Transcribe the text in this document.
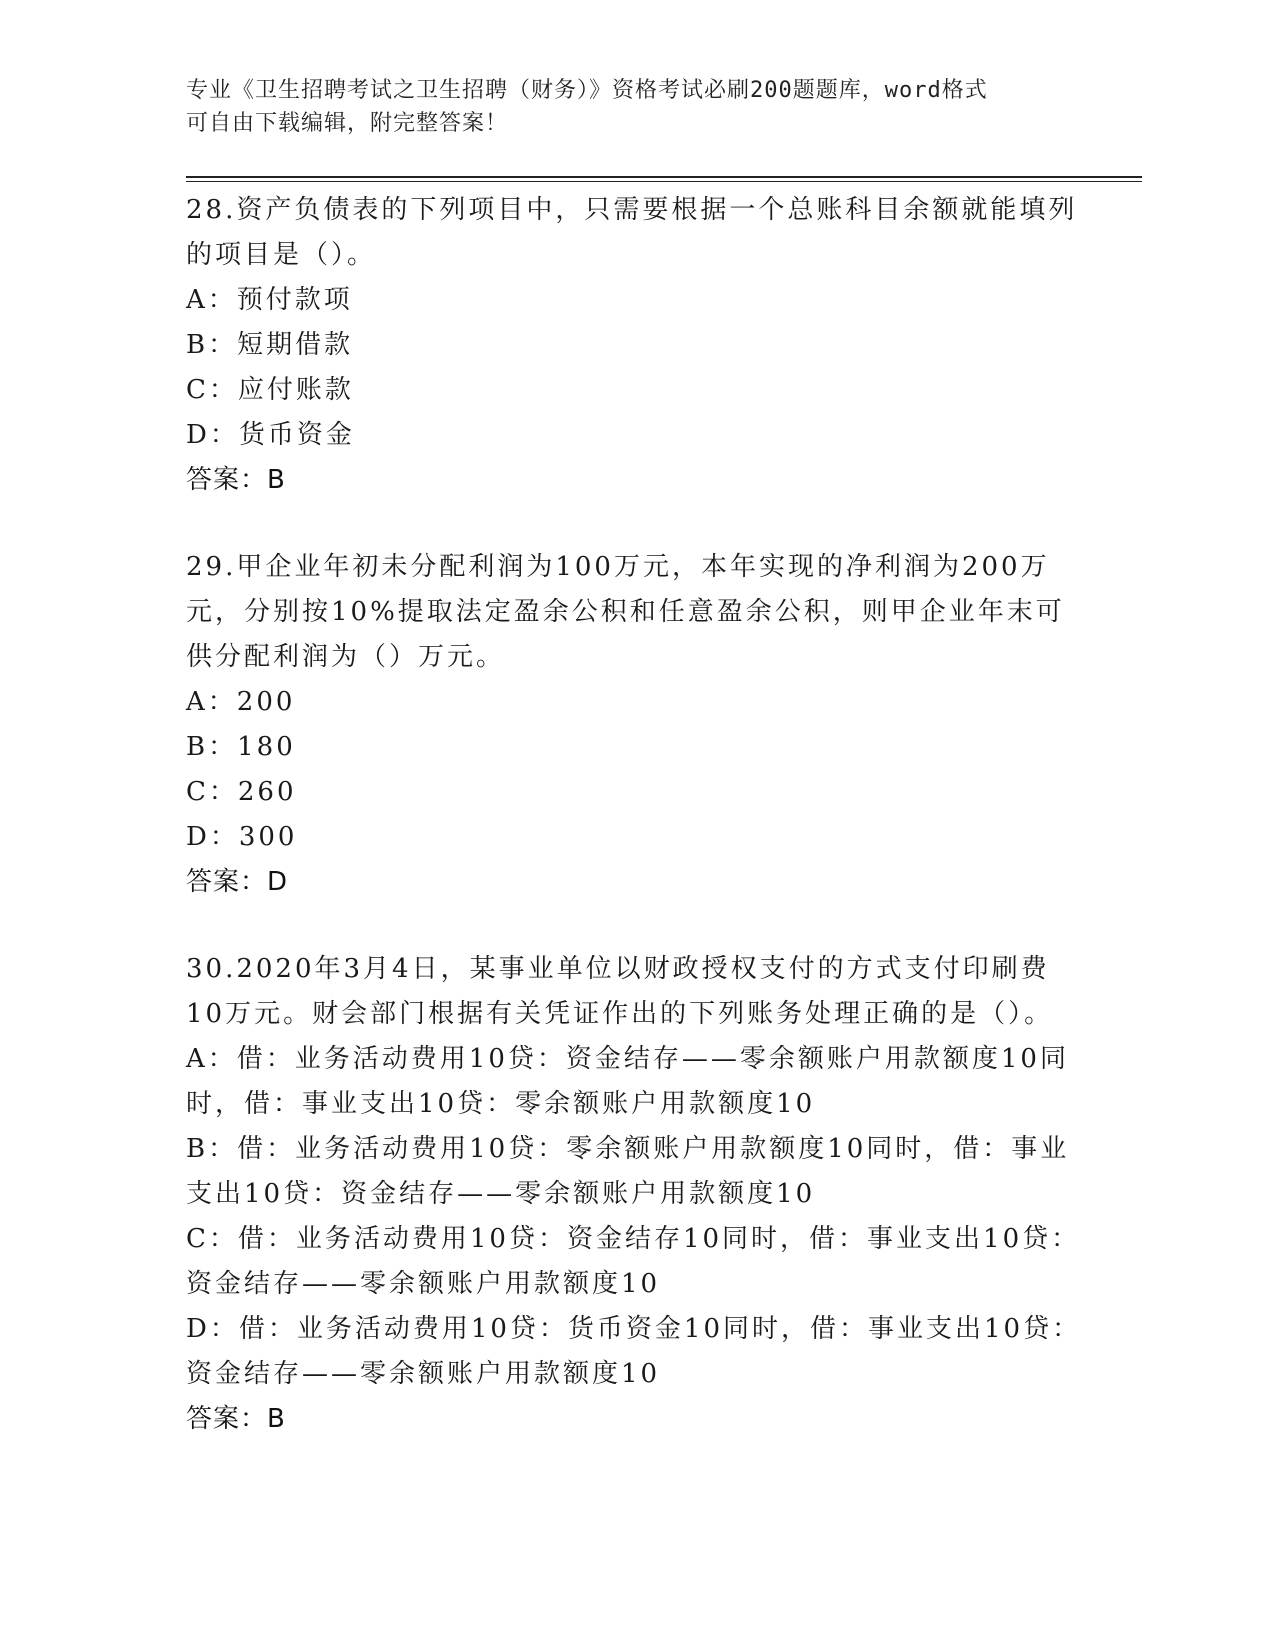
专业《卫生招聘考试之卫生招聘（财务）》资格考试必刷200题题库，word格式
可自由下载编辑，附完整答案！
28.资产负债表的下列项目中，只需要根据一个总账科目余额就能填列的项目是（）。
A：预付款项
B：短期借款
C：应付账款
D：货币资金
答案：B
29.甲企业年初未分配利润为100万元，本年实现的净利润为200万元，分别按10%提取法定盈余公积和任意盈余公积，则甲企业年末可供分配利润为（）万元。
A：200
B：180
C：260
D：300
答案：D
30.2020年3月4日，某事业单位以财政授权支付的方式支付印刷费10万元。财会部门根据有关凭证作出的下列账务处理正确的是（）。
A：借：业务活动费用10贷：资金结存——零余额账户用款额度10同时，借：事业支出10贷：零余额账户用款额度10
B：借：业务活动费用10贷：零余额账户用款额度10同时，借：事业支出10贷：资金结存——零余额账户用款额度10
C：借：业务活动费用10贷：资金结存10同时，借：事业支出10贷：资金结存——零余额账户用款额度10
D：借：业务活动费用10贷：货币资金10同时，借：事业支出10贷：资金结存——零余额账户用款额度10
答案：B
